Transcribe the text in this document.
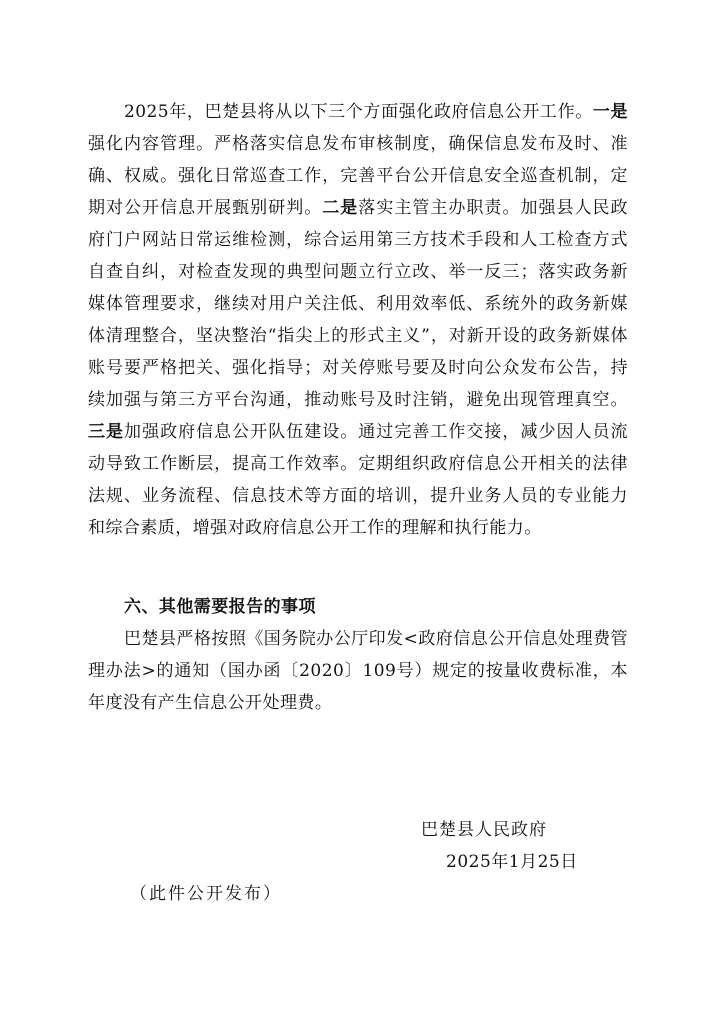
2025年，巴楚县将从以下三个方面强化政府信息公开工作。一是强化内容管理。严格落实信息发布审核制度，确保信息发布及时、准确、权威。强化日常巡查工作，完善平台公开信息安全巡查机制，定期对公开信息开展甄别研判。二是落实主管主办职责。加强县人民政府门户网站日常运维检测，综合运用第三方技术手段和人工检查方式自查自纠，对检查发现的典型问题立行立改、举一反三；落实政务新媒体管理要求，继续对用户关注低、利用效率低、系统外的政务新媒体清理整合，坚决整治“指尖上的形式主义”，对新开设的政务新媒体账号要严格把关、强化指导；对关停账号要及时向公众发布公告，持续加强与第三方平台沟通，推动账号及时注销，避免出现管理真空。三是加强政府信息公开队伍建设。通过完善工作交接，减少因人员流动导致工作断层，提高工作效率。定期组织政府信息公开相关的法律法规、业务流程、信息技术等方面的培训，提升业务人员的专业能力和综合素质，增强对政府信息公开工作的理解和执行能力。

六、其他需要报告的事项

巴楚县严格按照《国务院办公厅印发<政府信息公开信息处理费管理办法>的通知（国办函〔2020〕109号）规定的按量收费标准，本年度没有产生信息公开处理费。

巴楚县人民政府
2025年1月25日
（此件公开发布）
